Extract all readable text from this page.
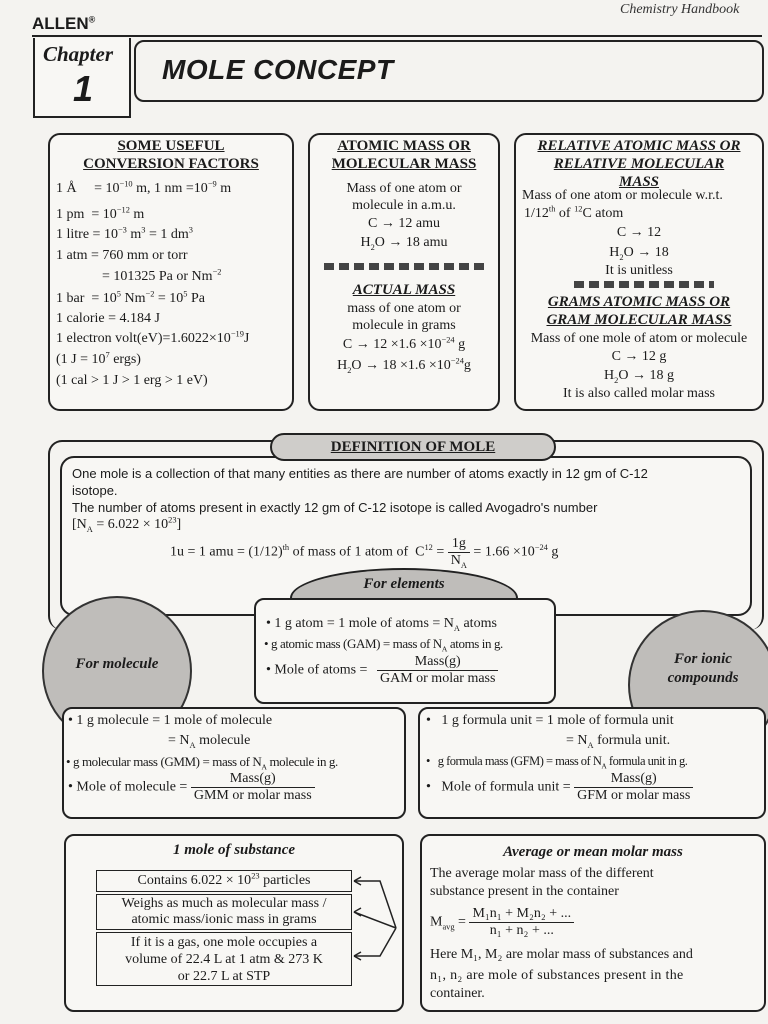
ALLEN®
Chemistry Handbook
Chapter
1 MOLE CONCEPT
SOME USEFUL
CONVERSION FACTORS
1 Å     = $10^{-10}$ m, 1 nm $=10^{-9}$ m
1 pm  = $10^{-12}$ m
1 litre = $10^{-3}$ $m^3 = 1$ $dm^3$
1 atm = 760 mm or torr
= 101325 Pa or $Nm^{-2}$
1 bar  = $10^5$ $Nm^{-2} = 10^5$ Pa
1 calorie = 4.184 J
1 electron $volt(eV)=1.6022\times 10^{-19}J$
(1 $J = 10^7$ ergs)
(1 cal > 1 J > 1 erg > 1 eV)
ATOMIC MASS OR
MOLECULAR MASS
Mass of one atom or
molecule in a.m.u.
C → 12 amu
$H_2O \to 18$ amu
ACTUAL MASS
mass of one atom or
molecule in grams
$C \to 12 \times 1.6 \times 10^{-24}$ g
$H_2O \to 18 \times 1.6 \times 10^{-24}g$
RELATIVE ATOMIC MASS OR
RELATIVE MOLECULAR
MASS
Mass of one atom or molecule w.r.t.
1/12th of $^{12}$C atom
C → 12
$H_2O \to 18$
It is unitless
GRAMS ATOMIC MASS OR
GRAM MOLECULAR MASS
Mass of one mole of atom or molecule
C → 12 g
$H_2O \to 18$ g
It is also called molar mass
DEFINITION OF MOLE
One mole is a collection of that many entities as there are number of atoms exactly in 12 gm of C-12
isotope.
The number of atoms present in exactly 12 gm of C-12 isotope is called Avogadro's number
$[N_A = 6.022 \times 10^{23}]$
1u = 1 amu = $(1/12)^{th}$ of mass of 1 atom of  $C^{12} = \frac{1g}{N_A} = 1.66 \times 10^{-24}$ g
For elements
• 1 g atom = 1 mole of atoms = $N_A$ atoms
• g atomic mass (GAM) = mass of $N_A$ atoms in g.
• Mole of atoms = $\frac{\text{Mass(g)}}{\text{GAM or molar mass}}$
For molecule	For ionic
compounds
• 1 g molecule = 1 mole of molecule
= $N_A$ molecule
• g molecular mass (GMM) = mass of $N_A$ molecule in g.
• Mole of molecule = $\frac{\text{Mass(g)}}{\text{GMM or molar mass}}$
•   1 g formula unit = 1 mole of formula unit
= $N_A$ formula unit.
•   g formula mass (GFM) = mass of $N_A$ formula unit in g.
•   Mole of formula unit = $\frac{\text{Mass(g)}}{\text{GFM or molar mass}}$
1 mole of substance
Contains $6.022 \times 10^{23}$ particles
Weighs as much as molecular mass /
atomic mass/ionic mass in grams
If it is a gas, one mole occupies a
volume of 22.4 L at 1 atm & 273 K
or 22.7 L at STP
Average or mean molar mass
The average molar mass of the different
substance present in the container
$M_{avg} = \frac{\text{M₁n₁ + M₂n₂ + ...}}{\text{n₁ + n₂ + ...}}$
Here M₁, M₂ are molar mass of substances and
n₁, n₂ are mole of substances present in the
container.
